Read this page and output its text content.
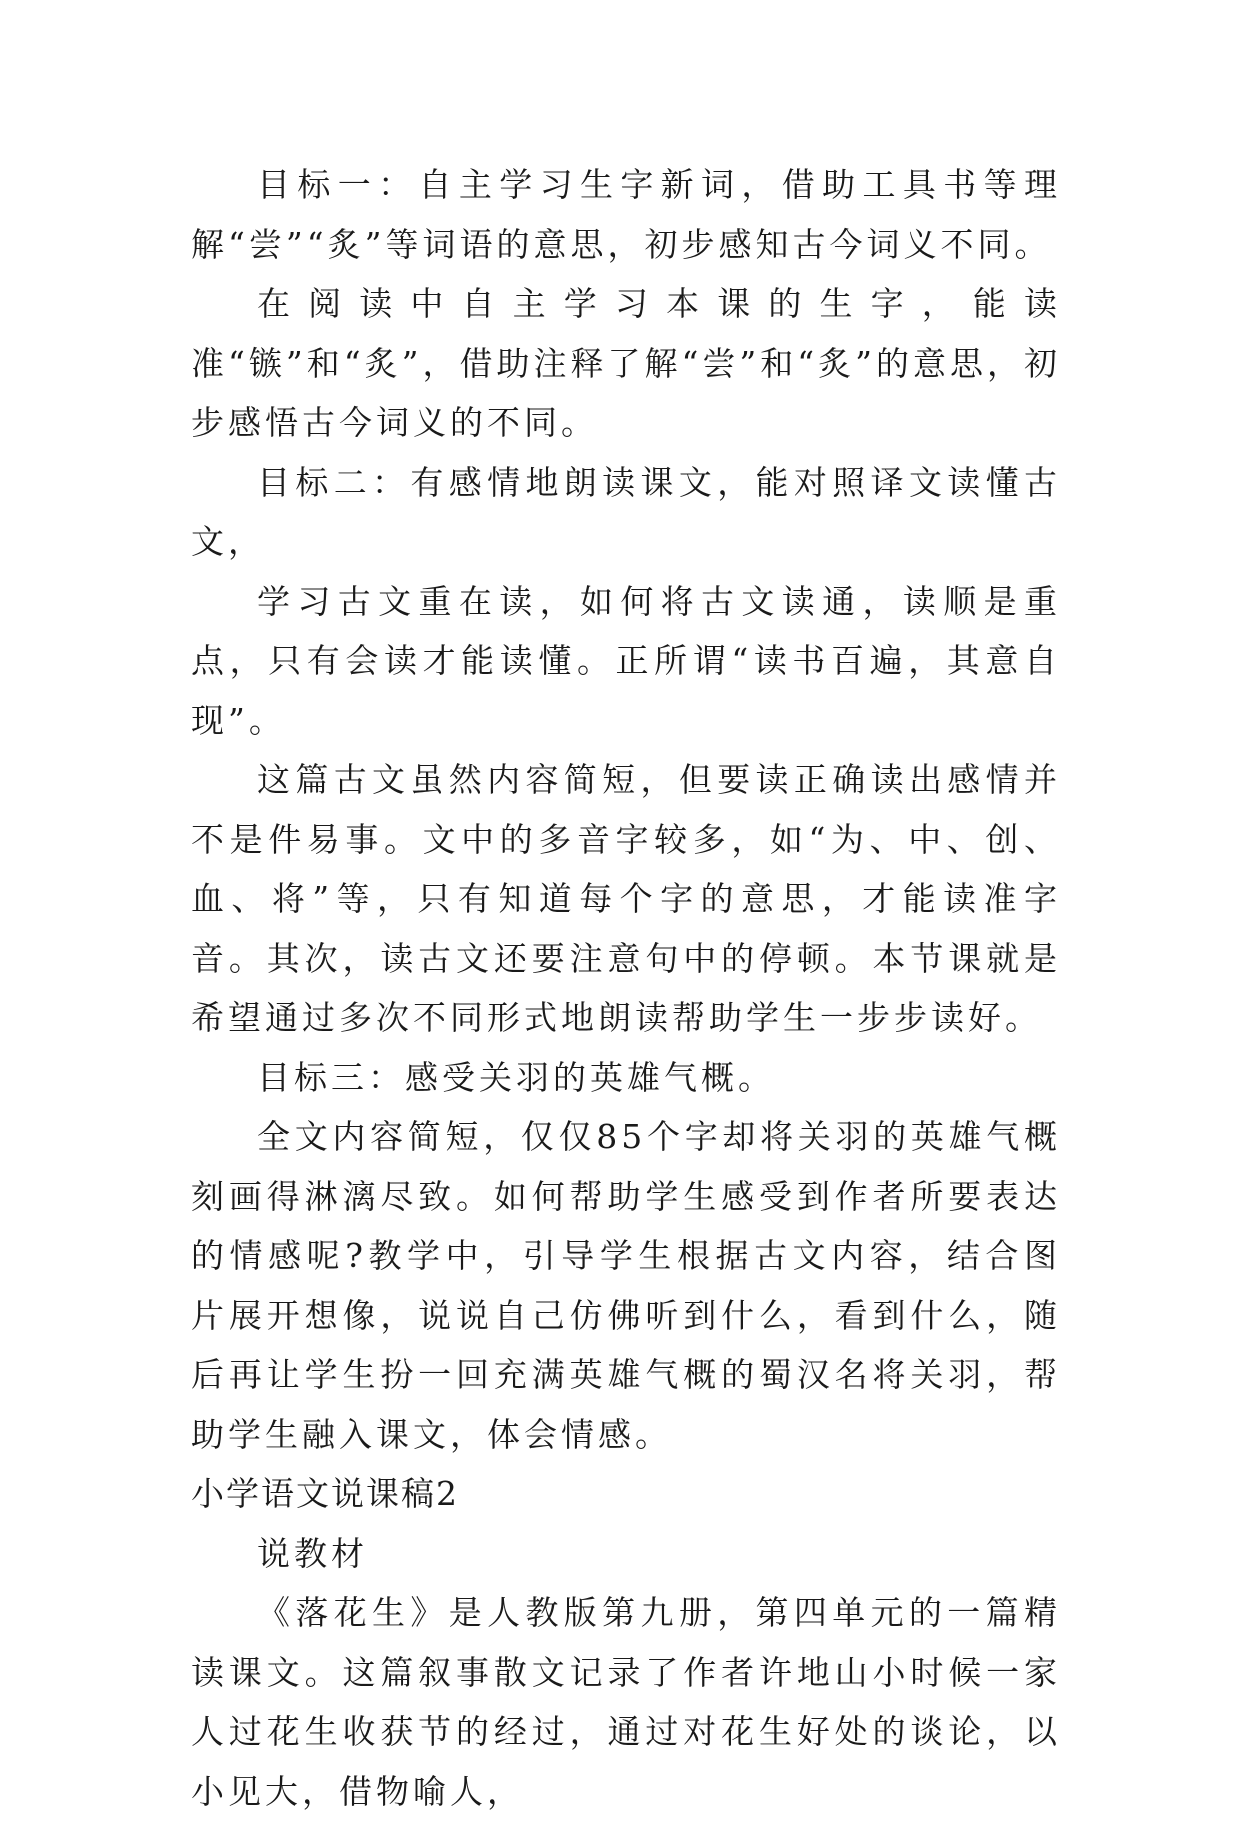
目标一：自主学习生字新词，借助工具书等理解“尝”“炙”等词语的意思，初步感知古今词义不同。

在阅读中自主学习本课的生字，能读准“镞”和“炙”，借助注释了解“尝”和“炙”的意思，初步感悟古今词义的不同。

目标二：有感情地朗读课文，能对照译文读懂古文，

学习古文重在读，如何将古文读通，读顺是重点，只有会读才能读懂。正所谓“读书百遍，其意自现”。

这篇古文虽然内容简短，但要读正确读出感情并不是件易事。文中的多音字较多，如“为、中、创、血、将”等，只有知道每个字的意思，才能读准字音。其次，读古文还要注意句中的停顿。本节课就是希望通过多次不同形式地朗读帮助学生一步步读好。

目标三：感受关羽的英雄气概。

全文内容简短，仅仅85个字却将关羽的英雄气概刻画得淋漓尽致。如何帮助学生感受到作者所要表达的情感呢?教学中，引导学生根据古文内容，结合图片展开想像，说说自己仿佛听到什么，看到什么，随后再让学生扮一回充满英雄气概的蜀汉名将关羽，帮助学生融入课文，体会情感。

小学语文说课稿2

说教材

《落花生》是人教版第九册，第四单元的一篇精读课文。这篇叙事散文记录了作者许地山小时候一家人过花生收获节的经过，通过对花生好处的谈论，以小见大，借物喻人，
